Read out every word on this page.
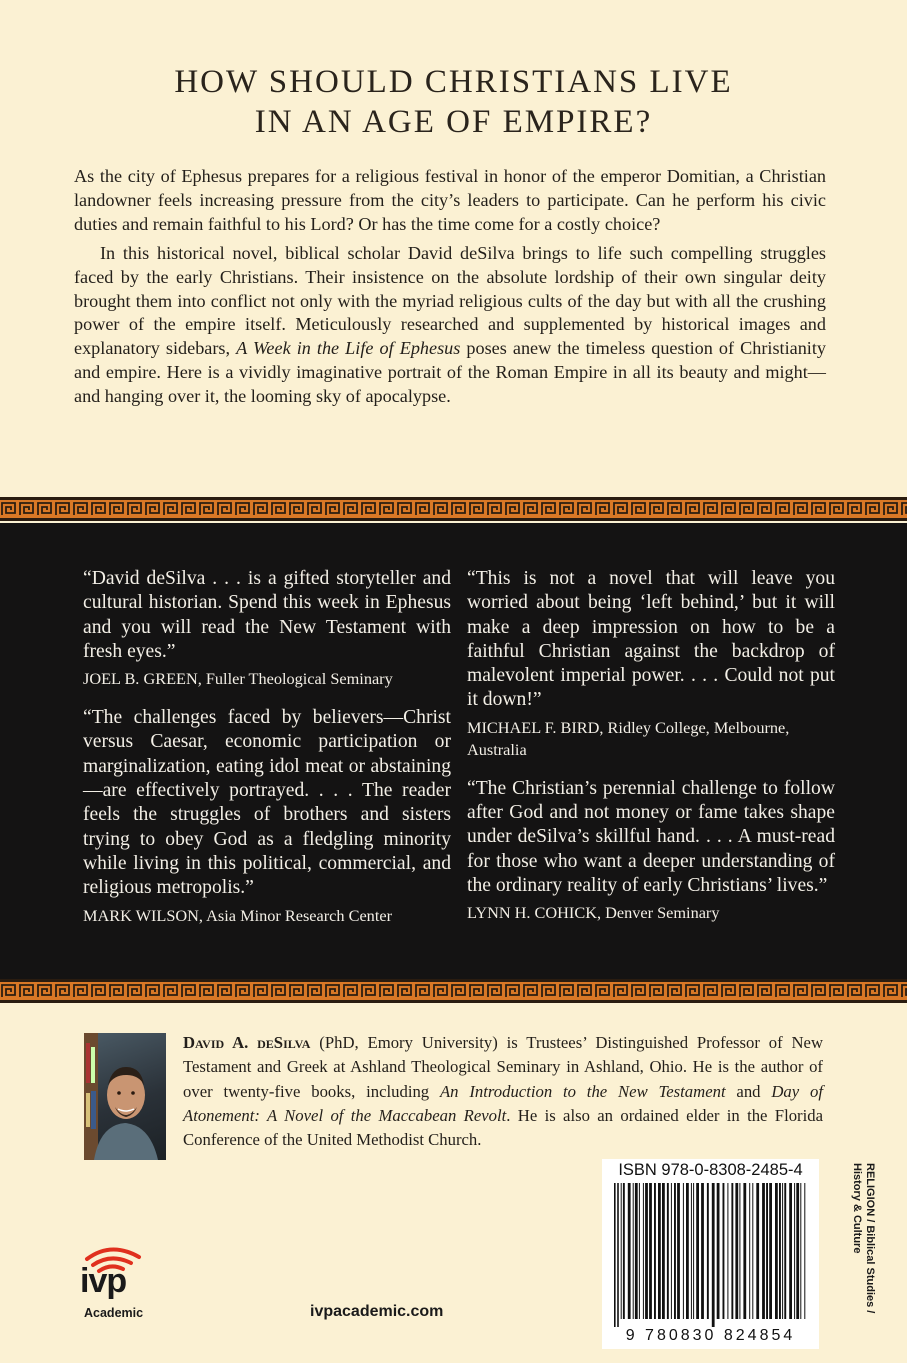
HOW SHOULD CHRISTIANS LIVE
IN AN AGE OF EMPIRE?

As the city of Ephesus prepares for a religious festival in honor of the emperor Domitian, a Christian landowner feels increasing pressure from the city’s leaders to participate. Can he perform his civic duties and remain faithful to his Lord? Or has the time come for a costly choice?

In this historical novel, biblical scholar David deSilva brings to life such compelling struggles faced by the early Christians. Their insistence on the absolute lordship of their own singular deity brought them into conflict not only with the myriad religious cults of the day but with all the crushing power of the empire itself. Meticulously researched and supplemented by historical images and explanatory sidebars, A Week in the Life of Ephesus poses anew the timeless question of Christianity and empire. Here is a vividly imaginative portrait of the Roman Empire in all its beauty and might—and hanging over it, the looming sky of apocalypse.

“David deSilva . . . is a gifted storyteller and cultural historian. Spend this week in Ephesus and you will read the New Testament with fresh eyes.”

JOEL B. GREEN, Fuller Theological Seminary

“The challenges faced by believers—Christ versus Caesar, economic participation or marginalization, eating idol meat or abstaining—are effectively portrayed. . . . The reader feels the struggles of brothers and sisters trying to obey God as a fledgling minority while living in this political, commercial, and religious metropolis.”

MARK WILSON, Asia Minor Research Center

“This is not a novel that will leave you worried about being ‘left behind,’ but it will make a deep impression on how to be a faithful Christian against the backdrop of malevolent imperial power. . . . Could not put it down!”

MICHAEL F. BIRD, Ridley College, Melbourne, Australia

“The Christian’s perennial challenge to follow after God and not money or fame takes shape under deSilva’s skillful hand. . . . A must-read for those who want a deeper understanding of the ordinary reality of early Christians’ lives.”

LYNN H. COHICK, Denver Seminary
David A. deSilva (PhD, Emory University) is Trustees’ Distinguished Professor of New Testament and Greek at Ashland Theological Seminary in Ashland, Ohio. He is the author of over twenty-five books, including An Introduction to the New Testament and Day of Atonement: A Novel of the Maccabean Revolt. He is also an ordained elder in the Florida Conference of the United Methodist Church.
ISBN 978-0-8308-2485-4
9 780830 824854
RELIGION / Biblical Studies /
History & Culture
ivp
Academic	ivpacademic.com
